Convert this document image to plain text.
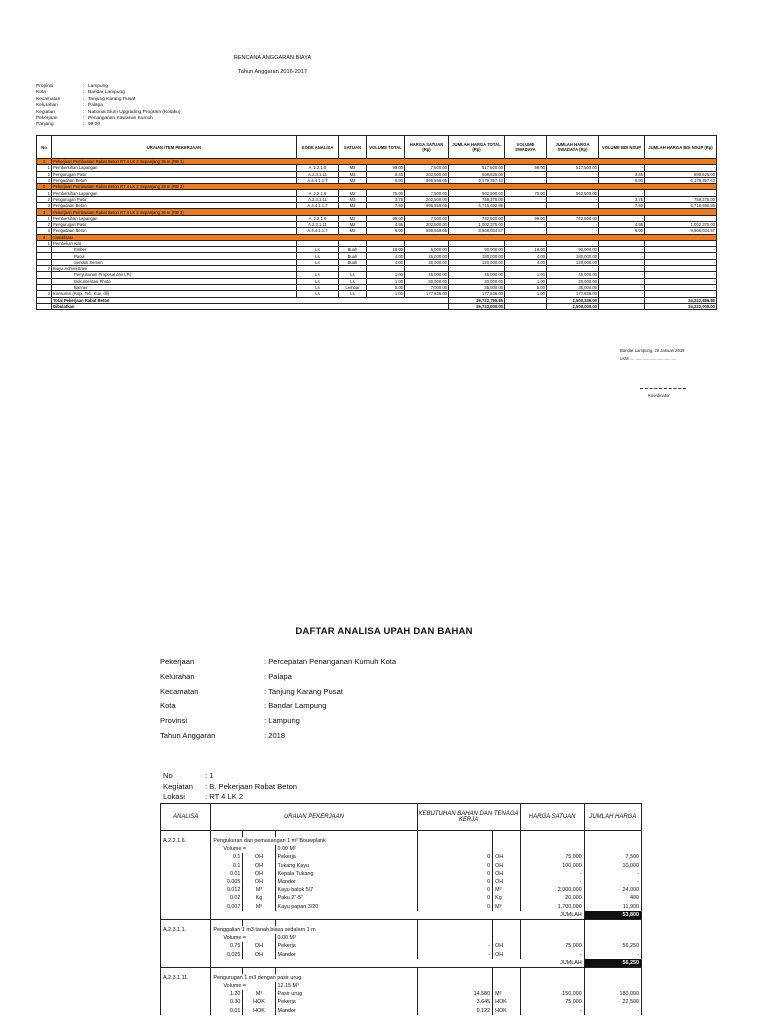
RENCANA ANGGARAN BIAYA
Tahun Anggaran 2016-2017
Propinsi	: Lampung
Kota	: Bandar Lampung
Kecamatan	: Tanjung Karang Pusat
Kelurahan	: Palapa
Kegiatan	: National Slum Upgrading Program (Kotaku)
Pekerjaan	: Penanganan Kawasan Kumuh
Panjang	: 99.00
No	URAIAN ITEM PEKERJAAN	KODE ANALISA	SATUAN	VOLUME TOTAL	HARGA SATUAN (Rp)	JUMLAH HARGA TOTAL (Rp)	VOLUME SWADAYA	JUMLAH HARGA SWADAYA (Rp)	VOLUME BDI NSUP	JUMLAH HARGA BDI NSUP (Rp)
1	Pekerjaan Pembuatan Rabat Beton RT 4 LK 2 Sepanjang 35 m (RB 1)									
1	Pembersihan Lapangan	A .2.2.1.6	M2	99.00	7,500.00	517,500.00	99.00	517,500.00	-	-
2	Pengurugan Pasir	A.2.3.1.11	M3	3.45	202,500.00	698,625.00	-	-	3.45	698,625.00
3	Pengadaan Beton	A.4.4.1.1.7	M3	6.90	895,559.05	6,179,357.43	-	-	6.90	6,179,357.43
2	Pekerjaan Pembuatan Rabat Beton RT 4 LK 2 Sepanjang 38 m (RB 2)									
1	Pembersihan Lapangan	A .2.2.1.6	M2	75.00	7,500.00	562,500.00	75.00	562,500.00	-	-
2	Pengurugan Pasir	A.2.3.1.11	M3	3.75	202,500.00	759,375.00	-	-	3.75	759,375.00
3	Pengadaan Beton	A.4.4.1.1.7	M3	7.50	895,559.05	6,716,692.86	-	-	7.50	6,716,692.86
3	Pekerjaan Pembuatan Rabat Beton RT 4 LK 2 Sepanjang 36 m (RB 3)									
1	Pembersihan Lapangan	A .2.2.1.6	M2	99.00	7,500.00	742,500.00	99.00	742,500.00	-	-
2	Pengurugan Pasir	A.2.3.1.11	M3	4.95	202,500.00	1,002,375.00	-	-	4.95	1,002,375.00
3	Pengadaan Beton	A.4.4.1.1.7	M3	9.90	895,559.05	8,866,034.57	-	-	9.90	8,866,034.57
4	Sosialisasi									
1	Pembelian Alat									
	Ember	Ls	Buah	18.00	5,000.00	90,000.00	18.00	90,000.00	-	-
	Pacul	Ls	Buah	4.00	45,000.00	180,000.00	4.00	180,000.00	-	-
	Sendok Semen	Ls	Buah	4.00	30,000.00	120,000.00	4.00	120,000.00	-	-
2	Biaya Administrasi									
	Penyusunan Proposal dan LPJ	Ls	Ls	1.00	45,000.00	45,000.00	1.00	45,000.00	-	-
	Dokumentasi Photo	Ls	Ls	1.00	30,000.00	30,000.00	1.00	30,000.00	-	-
	Banner	Ls	Lembar	5.00	7,000.00	35,000.00	5.00	35,000.00	-	-
3	Konsumsi (Kopi, Teh, Kue, dll)	Ls	Ls	1.00	177,836.00	177,836.00	1.00	177,836.00	-	-
	Total Pekerjaan Rabat Beton					26,722,795.86		2,500,336.00		24,222,459.86
	Dibulatkan					26,722,000.00		2,500,000.00		24,222,000.00
Bandar Lampung, 26 Januari 2018
LKM ........................................
Koordinator
DAFTAR ANALISA UPAH DAN BAHAN
Pekerjaan	: Percepatan Penanganan Kumuh Kota
Kelurahan	: Palapa
Kecamatan	: Tanjung Karang Pusat
Kota	: Bandar Lampung
Provinsi	: Lampung
Tahun Anggaran	: 2018
No	: 1
Kegiatan : B. Pekerjaan Rabat Beton
Lokasi	: RT 4 LK 2
ANALISA	URAIAN PEKERJAAN			KEBUTUHAN BAHAN DAN TENAGA KERJA		HARGA SATUAN	JUMLAH HARGA

A.2.2.1.6.	Pengukuran dan pemasangan 1 m² Bouwplank						
	Volume =		0.00 M²				
	0.1	OH	Pekerja	0	OH	75,000	7,500
	0.1	OH	Tukang Kayu	0	OH	100,000	10,000
	0.01	OH	Kepala Tukang	0	OH	-	-
	0.005	OH	Mandor	0	OH	-	-
	0.012	M³	Kayu balok 5/7	0	M³	2,000,000	24,000
	0.02	Kg	Paku 2"-5"	0	Kg	20,000	400
	0.007	M³	Kayu papan 3/20	0	M³	1,700,000	11,900
	JUMLAH						53,800

A.2.3.1.1.	Penggalian 1 m3 tanah biasa sedalam 1 m						
	Volume =		0.00 M³				
	0.75	OH	Pekerja	-	OH	75,000	56,250
	0.025	OH	Mandor	-	OH	-	-
	JUMLAH						56,250

A.2.3.1.11.	Pengurugan 1 m3 dengan pasir urug						
	Volume =		12.15 M³				
	1.20	M³	Pasir urug	14.580	M³	150,000	180,000
	0.30	HOK	Pekerja	3.645	HOK	75,000	22,500
	0.01	HOK	Mandor	0.122	HOK	-	-
